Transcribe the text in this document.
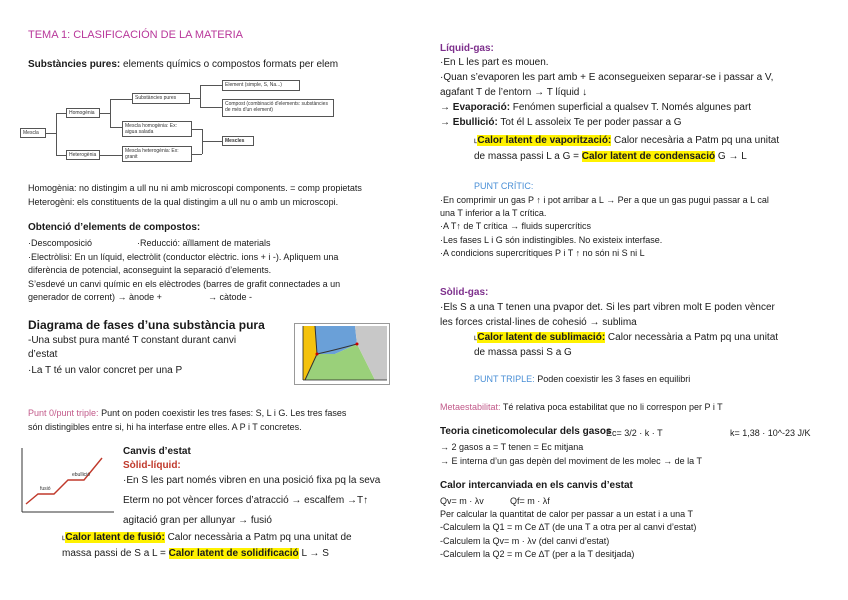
TEMA 1: CLASIFICACIÓN DE LA MATERIA
Substàncies pures: elements químics o compostos formats per elem
Mescla
Homogènia
Heterogènia
Substàncies pures
Element (simple, S, Na...)
Compost (combinació d'elements: substàncies de més d'un element)
Mescla homogènia: Ex: aigua salada
Mescla heterogènia: Ex: granit
Mescles
Homogènia: no distingim a ull nu ni amb microscopi components. = comp propietats
Heterogèni: els constituents de la qual distingim a ull nu o amb un microscopi.
Obtenció d’elements de compostos:
·Descomposició	·Reducció: aïllament de materials
·Electròlisi: En un líquid, electròlit (conductor elèctric. ions + i -). Apliquem una
diferència de potencial, aconseguint la separació d’elements.
S’esdevé un canvi químic en els elèctrodes (barres de grafit connectades a un
generador de corrent) → ànode +	→ càtode -
Diagrama de fases d’una substància pura
-Una subst pura manté T constant durant canvi
d’estat
·La T té un valor concret per una P
Punt 0/punt triple: Punt on poden coexistir les tres fases: S, L i G. Les tres fases
són distingibles entre si, hi ha interfase entre elles. A P i T concretes.
fusió
ebullició
Canvis d’estat
Sòlid-líquid:
·En S les part només vibren en una posició fixa pq la seva
Eterm no pot vèncer forces d’atracció → escalfem →T↑
agitació gran per allunyar → fusió
˪Calor latent de fusió: Calor necessària a Patm pq una unitat de
massa passi de S a L = Calor latent de solidificació L → S
Líquid-gas:
·En L les part es mouen.
·Quan s’evaporen les part amb + E aconsegueixen separar-se i passar a V,
agafant T de l’entorn → T líquid ↓
→ Evaporació: Fenómen superficial a qualsev T. Només algunes part
→ Ebullició: Tot él L assoleix Te per poder passar a G
˪Calor latent de vaporització: Calor necesària a Patm pq una unitat
de massa passi L a G = Calor latent de condensació G → L
PUNT CRÍTIC:
·En comprimir un gas P ↑ i pot arribar a L → Per a que un gas pugui passar a L cal
una T inferior a la T crítica.
·A T↑ de T crítica → fluids supercrítics
·Les fases L i G són indistingibles. No existeix interfase.
·A condicions supercrítiques P i T ↑ no són ni S ni L
Sòlid-gas:
·Els S a una T tenen una pvapor det. Si les part vibren molt E poden vèncer
les forces cristal·lines de cohesió → sublima
˪Calor latent de sublimació: Calor necessària a Patm pq una unitat
de massa passi S a G
PUNT TRIPLE: Poden coexistir les 3 fases en equilibri
Metaestabilitat: Té relativa poca estabilitat que no li correspon per P i T
Teoria cineticomolecular dels gasos
Ec= 3/2 · k · T	k= 1,38 · 10^-23 J/K
→ 2 gasos a = T tenen = Ec mitjana
→ E interna d’un gas depèn del moviment de les molec → de la T
Calor intercanviada en els canvis d’estat
Qv= m · λv	Qf= m · λf
Per calcular la quantitat de calor per passar a un estat i a una T
-Calculem la Q1 = m Ce ∆T (de una T a otra per al canvi d’estat)
-Calculem la Qv= m · λv (del canvi d’estat)
-Calculem la Q2 = m Ce ∆T (per a la T desitjada)
